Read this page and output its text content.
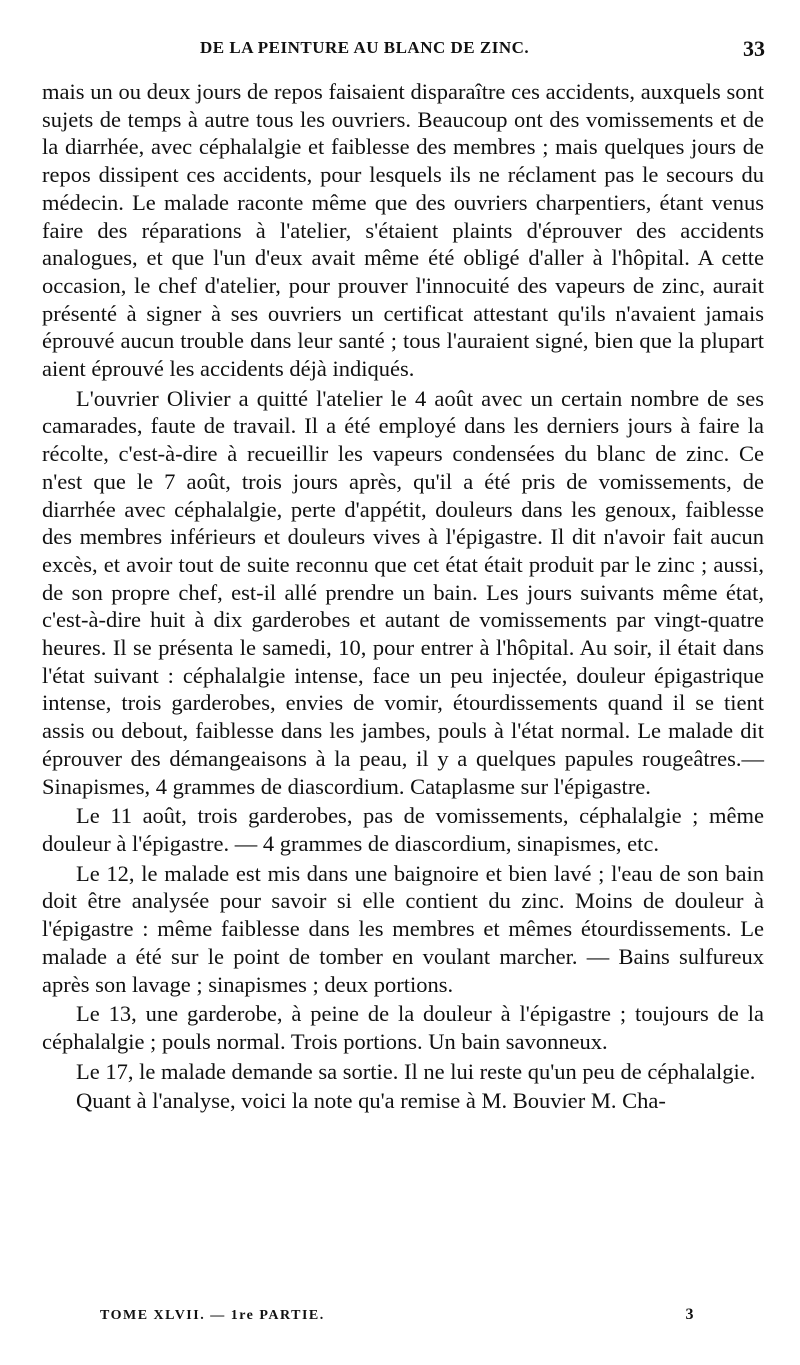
DE LA PEINTURE AU BLANC DE ZINC.	33

mais un ou deux jours de repos faisaient disparaître ces accidents, auxquels sont sujets de temps à autre tous les ouvriers. Beaucoup ont des vomissements et de la diarrhée, avec céphalalgie et faiblesse des membres ; mais quelques jours de repos dissipent ces accidents, pour lesquels ils ne réclament pas le secours du médecin. Le malade raconte même que des ouvriers charpentiers, étant venus faire des réparations à l'atelier, s'étaient plaints d'éprouver des accidents analogues, et que l'un d'eux avait même été obligé d'aller à l'hôpital. A cette occasion, le chef d'atelier, pour prouver l'innocuité des vapeurs de zinc, aurait présenté à signer à ses ouvriers un certificat attestant qu'ils n'avaient jamais éprouvé aucun trouble dans leur santé ; tous l'auraient signé, bien que la plupart aient éprouvé les accidents déjà indiqués.

L'ouvrier Olivier a quitté l'atelier le 4 août avec un certain nombre de ses camarades, faute de travail. Il a été employé dans les derniers jours à faire la récolte, c'est-à-dire à recueillir les vapeurs condensées du blanc de zinc. Ce n'est que le 7 août, trois jours après, qu'il a été pris de vomissements, de diarrhée avec céphalalgie, perte d'appétit, douleurs dans les genoux, faiblesse des membres inférieurs et douleurs vives à l'épigastre. Il dit n'avoir fait aucun excès, et avoir tout de suite reconnu que cet état était produit par le zinc ; aussi, de son propre chef, est-il allé prendre un bain. Les jours suivants même état, c'est-à-dire huit à dix garderobes et autant de vomissements par vingt-quatre heures. Il se présenta le samedi, 10, pour entrer à l'hôpital. Au soir, il était dans l'état suivant : céphalalgie intense, face un peu injectée, douleur épigastrique intense, trois garderobes, envies de vomir, étourdissements quand il se tient assis ou debout, faiblesse dans les jambes, pouls à l'état normal. Le malade dit éprouver des démangeaisons à la peau, il y a quelques papules rougeâtres.— Sinapismes, 4 grammes de diascordium. Cataplasme sur l'épigastre.

Le 11 août, trois garderobes, pas de vomissements, céphalalgie ; même douleur à l'épigastre. — 4 grammes de diascordium, sinapismes, etc.

Le 12, le malade est mis dans une baignoire et bien lavé ; l'eau de son bain doit être analysée pour savoir si elle contient du zinc. Moins de douleur à l'épigastre : même faiblesse dans les membres et mêmes étourdissements. Le malade a été sur le point de tomber en voulant marcher. — Bains sulfureux après son lavage ; sinapismes ; deux portions.

Le 13, une garderobe, à peine de la douleur à l'épigastre ; toujours de la céphalalgie ; pouls normal. Trois portions. Un bain savonneux.

Le 17, le malade demande sa sortie. Il ne lui reste qu'un peu de céphalalgie.

Quant à l'analyse, voici la note qu'a remise à M. Bouvier M. Cha-

TOME XLVII. — 1re PARTIE.	3
